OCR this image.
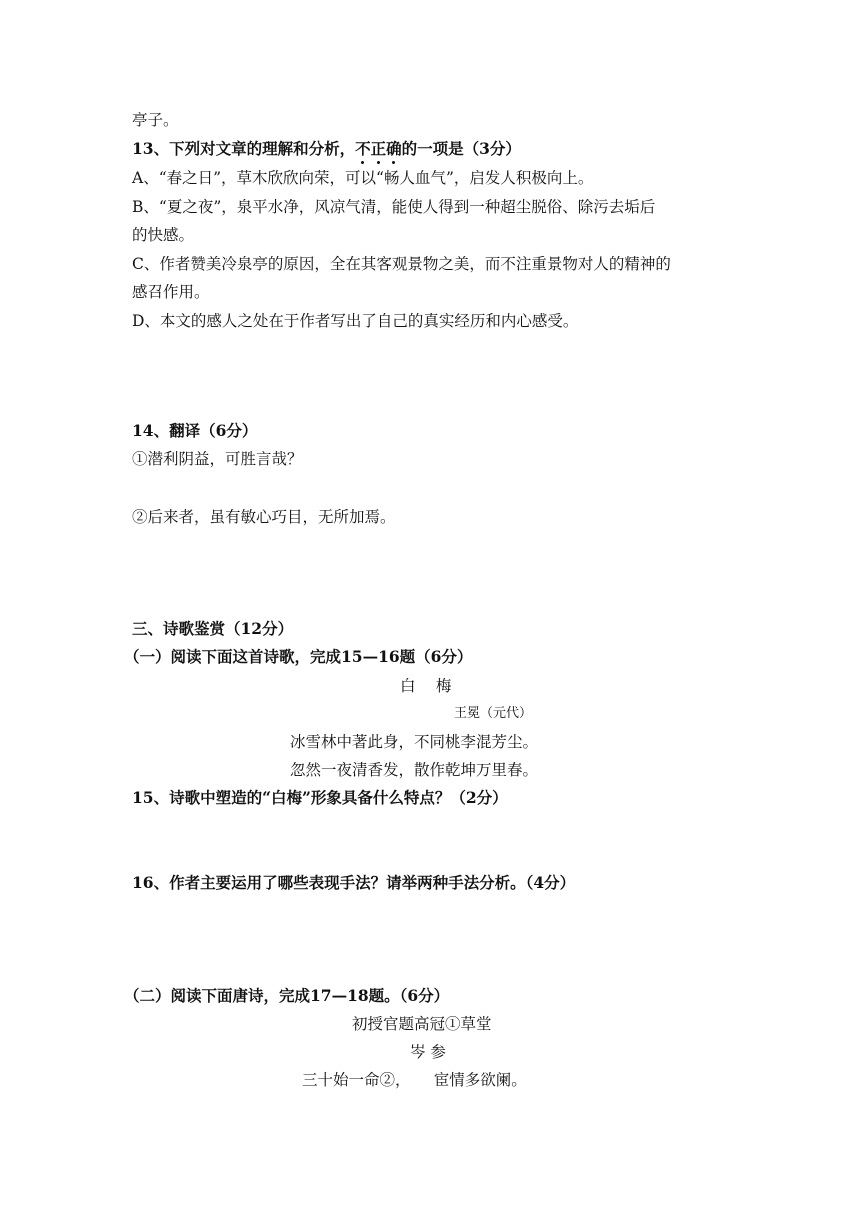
亭子。
13、下列对文章的理解和分析，不正确的一项是（3分）
A、“春之日”，草木欣欣向荣，可以“畅人血气”，启发人积极向上。
B、“夏之夜”，泉平水净，风凉气清，能使人得到一种超尘脱俗、除污去垢后
的快感。
C、作者赞美冷泉亭的原因，全在其客观景物之美，而不注重景物对人的精神的
感召作用。
D、本文的感人之处在于作者写出了自己的真实经历和内心感受。
14、翻译（6分）
①潜利阴益，可胜言哉？
②后来者，虽有敏心巧目，无所加焉。
三、诗歌鉴赏（12分）
（一）阅读下面这首诗歌，完成15—16题（6分）
白　 梅
王冕（元代）
冰雪林中著此身，不同桃李混芳尘。
忽然一夜清香发，散作乾坤万里春。
15、诗歌中塑造的“白梅”形象具备什么特点？（2分）
16、作者主要运用了哪些表现手法？请举两种手法分析。（4分）
（二）阅读下面唐诗，完成17—18题。（6分）
初授官题高冠①草堂
岑 参
三十始一命②，　　宦情多欲阑。
